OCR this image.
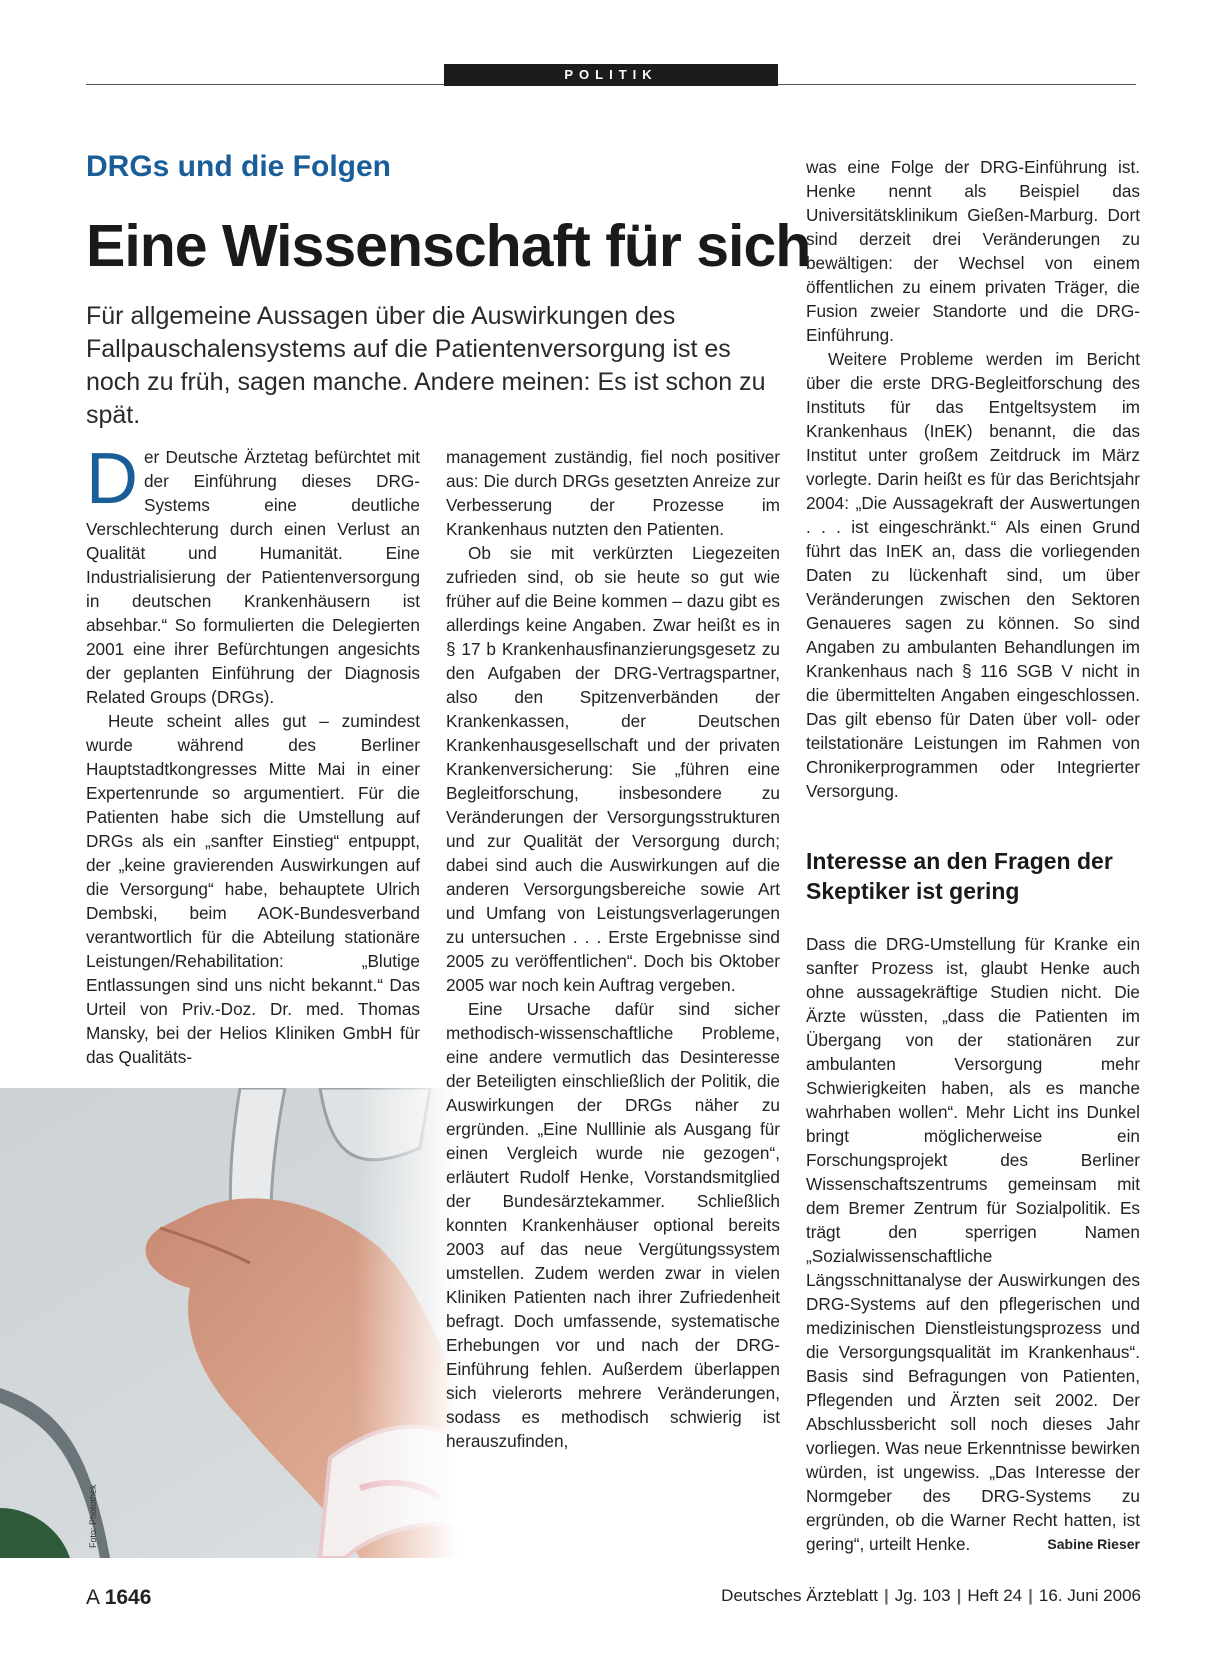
POLITIK
DRGs und die Folgen
Eine Wissenschaft für sich
Für allgemeine Aussagen über die Auswirkungen des Fallpauschalensystems auf die Patientenversorgung ist es noch zu früh, sagen manche. Andere meinen: Es ist schon zu spät.
Foto: Photothek

Der Deutsche Ärztetag befürchtet mit der Einführung dieses DRG-Systems eine deutliche Verschlechterung durch einen Verlust an Qualität und Humanität. Eine Industrialisierung der Patientenversorgung in deutschen Krankenhäusern ist absehbar.“ So formulierten die Delegierten 2001 eine ihrer Befürchtungen angesichts der geplanten Einführung der Diagnosis Related Groups (DRGs).

Heute scheint alles gut – zumindest wurde während des Berliner Hauptstadtkongresses Mitte Mai in einer Expertenrunde so argumentiert. Für die Patienten habe sich die Umstellung auf DRGs als ein „sanfter Einstieg“ entpuppt, der „keine gravierenden Auswirkungen auf die Versorgung“ habe, behauptete Ulrich Dembski, beim AOK-Bundesverband verantwortlich für die Abteilung stationäre Leistungen/Rehabilitation: „Blutige Entlassungen sind uns nicht bekannt.“ Das Urteil von Priv.-Doz. Dr. med. Thomas Mansky, bei der Helios Kliniken GmbH für das Qualitäts-

management zuständig, fiel noch positiver aus: Die durch DRGs gesetzten Anreize zur Verbesserung der Prozesse im Krankenhaus nutzten den Patienten.

Ob sie mit verkürzten Liegezeiten zufrieden sind, ob sie heute so gut wie früher auf die Beine kommen – dazu gibt es allerdings keine Angaben. Zwar heißt es in § 17 b Krankenhausfinanzierungsgesetz zu den Aufgaben der DRG-Vertragspartner, also den Spitzenverbänden der Krankenkassen, der Deutschen Krankenhausgesellschaft und der privaten Krankenversicherung: Sie „führen eine Begleitforschung, insbesondere zu Veränderungen der Versorgungsstrukturen und zur Qualität der Versorgung durch; dabei sind auch die Auswirkungen auf die anderen Versorgungsbereiche sowie Art und Umfang von Leistungsverlagerungen zu untersuchen . . . Erste Ergebnisse sind 2005 zu veröffentlichen“. Doch bis Oktober 2005 war noch kein Auftrag vergeben.

Eine Ursache dafür sind sicher methodisch-wissenschaftliche Probleme, eine andere vermutlich das Desinteresse der Beteiligten einschließlich der Politik, die Auswirkungen der DRGs näher zu ergründen. „Eine Nulllinie als Ausgang für einen Vergleich wurde nie gezogen“, erläutert Rudolf Henke, Vorstandsmitglied der Bundesärztekammer. Schließlich konnten Krankenhäuser optional bereits 2003 auf das neue Vergütungssystem umstellen. Zudem werden zwar in vielen Kliniken Patienten nach ihrer Zufriedenheit befragt. Doch umfassende, systematische Erhebungen vor und nach der DRG-Einführung fehlen. Außerdem überlappen sich vielerorts mehrere Veränderungen, sodass es methodisch schwierig ist herauszufinden,

was eine Folge der DRG-Einführung ist. Henke nennt als Beispiel das Universitätsklinikum Gießen-Marburg. Dort sind derzeit drei Veränderungen zu bewältigen: der Wechsel von einem öffentlichen zu einem privaten Träger, die Fusion zweier Standorte und die DRG-Einführung.

Weitere Probleme werden im Bericht über die erste DRG-Begleitforschung des Instituts für das Entgeltsystem im Krankenhaus (InEK) benannt, die das Institut unter großem Zeitdruck im März vorlegte. Darin heißt es für das Berichtsjahr 2004: „Die Aussagekraft der Auswertungen . . . ist eingeschränkt.“ Als einen Grund führt das InEK an, dass die vorliegenden Daten zu lückenhaft sind, um über Veränderungen zwischen den Sektoren Genaueres sagen zu können. So sind Angaben zu ambulanten Behandlungen im Krankenhaus nach § 116 SGB V nicht in die übermittelten Angaben eingeschlossen. Das gilt ebenso für Daten über voll- oder teilstationäre Leistungen im Rahmen von Chronikerprogrammen oder Integrierter Versorgung.

Interesse an den Fragen der Skeptiker ist gering

Dass die DRG-Umstellung für Kranke ein sanfter Prozess ist, glaubt Henke auch ohne aussagekräftige Studien nicht. Die Ärzte wüssten, „dass die Patienten im Übergang von der stationären zur ambulanten Versorgung mehr Schwierigkeiten haben, als es manche wahrhaben wollen“. Mehr Licht ins Dunkel bringt möglicherweise ein Forschungsprojekt des Berliner Wissenschaftszentrums gemeinsam mit dem Bremer Zentrum für Sozialpolitik. Es trägt den sperrigen Namen „Sozialwissenschaftliche Längsschnittanalyse der Auswirkungen des DRG-Systems auf den pflegerischen und medizinischen Dienstleistungsprozess und die Versorgungsqualität im Krankenhaus“. Basis sind Befragungen von Patienten, Pflegenden und Ärzten seit 2002. Der Abschlussbericht soll noch dieses Jahr vorliegen. Was neue Erkenntnisse bewirken würden, ist ungewiss. „Das Interesse der Normgeber des DRG-Systems zu ergründen, ob die Warner Recht hatten, ist gering“, urteilt Henke.	Sabine Rieser

A 1646	Deutsches Ärzteblatt | Jg. 103 | Heft 24 | 16. Juni 2006
